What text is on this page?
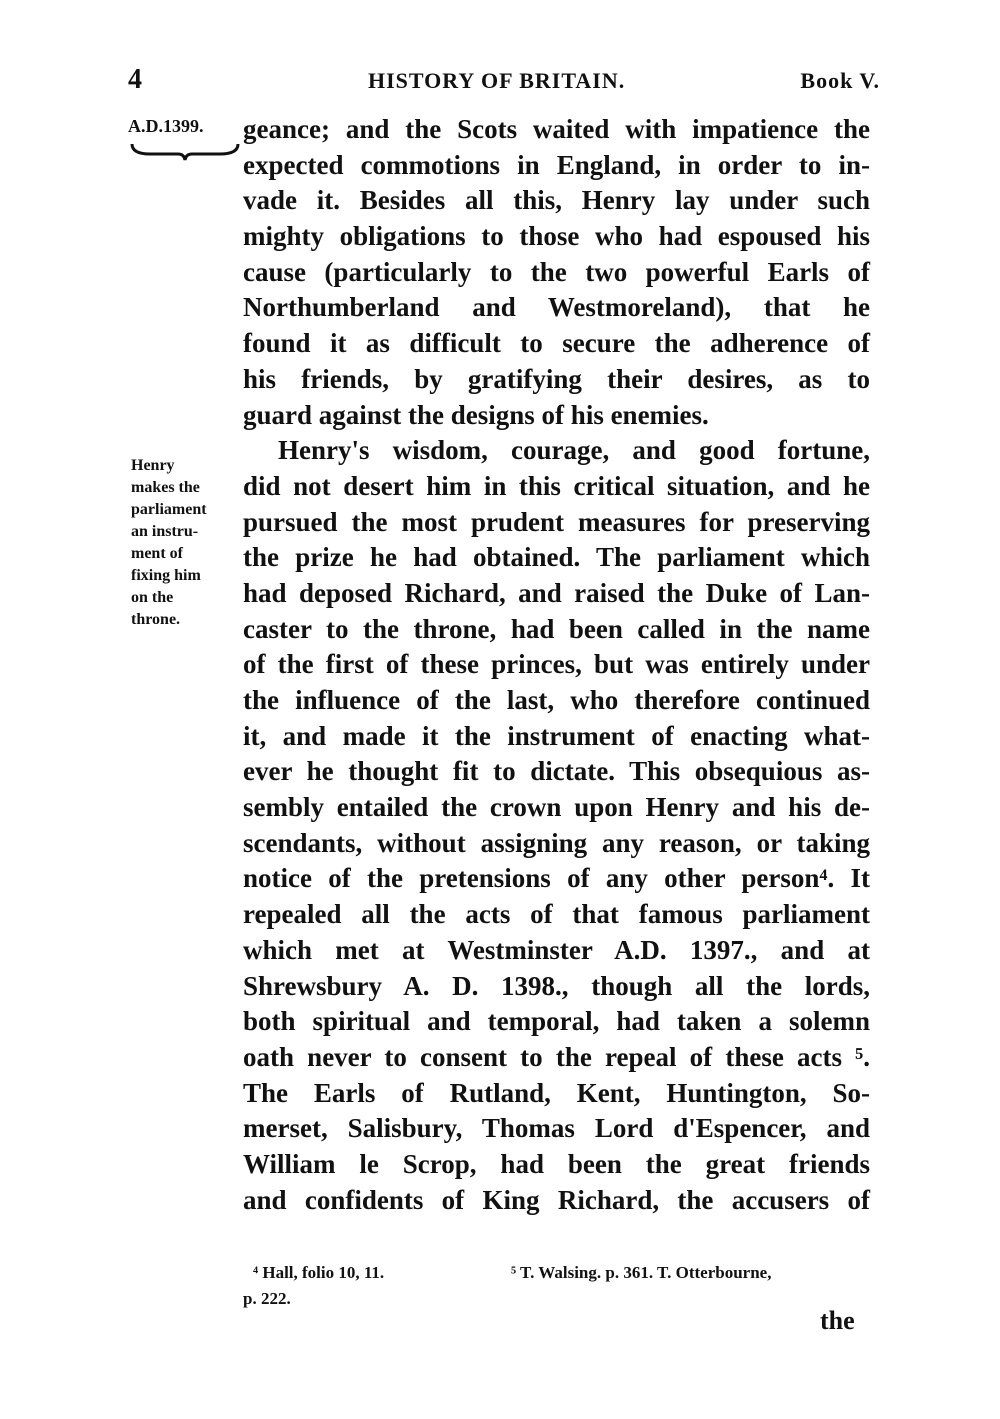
4	HISTORY OF BRITAIN.	Book V.
A.D.1399.
Henry
makes the
parliament
an instru-
ment of
fixing him
on the
throne.
geance; and the Scots waited with impatience the
expected commotions in England, in order to in-
vade it. Besides all this, Henry lay under such
mighty obligations to those who had espoused his
cause (particularly to the two powerful Earls of
Northumberland and Westmoreland), that he
found it as difficult to secure the adherence of
his friends, by gratifying their desires, as to
guard against the designs of his enemies.
Henry's wisdom, courage, and good fortune,
did not desert him in this critical situation, and he
pursued the most prudent measures for preserving
the prize he had obtained. The parliament which
had deposed Richard, and raised the Duke of Lan-
caster to the throne, had been called in the name
of the first of these princes, but was entirely under
the influence of the last, who therefore continued
it, and made it the instrument of enacting what-
ever he thought fit to dictate. This obsequious as-
sembly entailed the crown upon Henry and his de-
scendants, without assigning any reason, or taking
notice of the pretensions of any other person⁴. It
repealed all the acts of that famous parliament
which met at Westminster A.D. 1397., and at
Shrewsbury A. D. 1398., though all the lords,
both spiritual and temporal, had taken a solemn
oath never to consent to the repeal of these acts ⁵.
The Earls of Rutland, Kent, Huntington, So-
merset, Salisbury, Thomas Lord d'Espencer, and
William le Scrop, had been the great friends
and confidents of King Richard, the accusers of
⁴ Hall, folio 10, 11.	⁵ T. Walsing. p. 361. T. Otterbourne,
p. 222.
the
